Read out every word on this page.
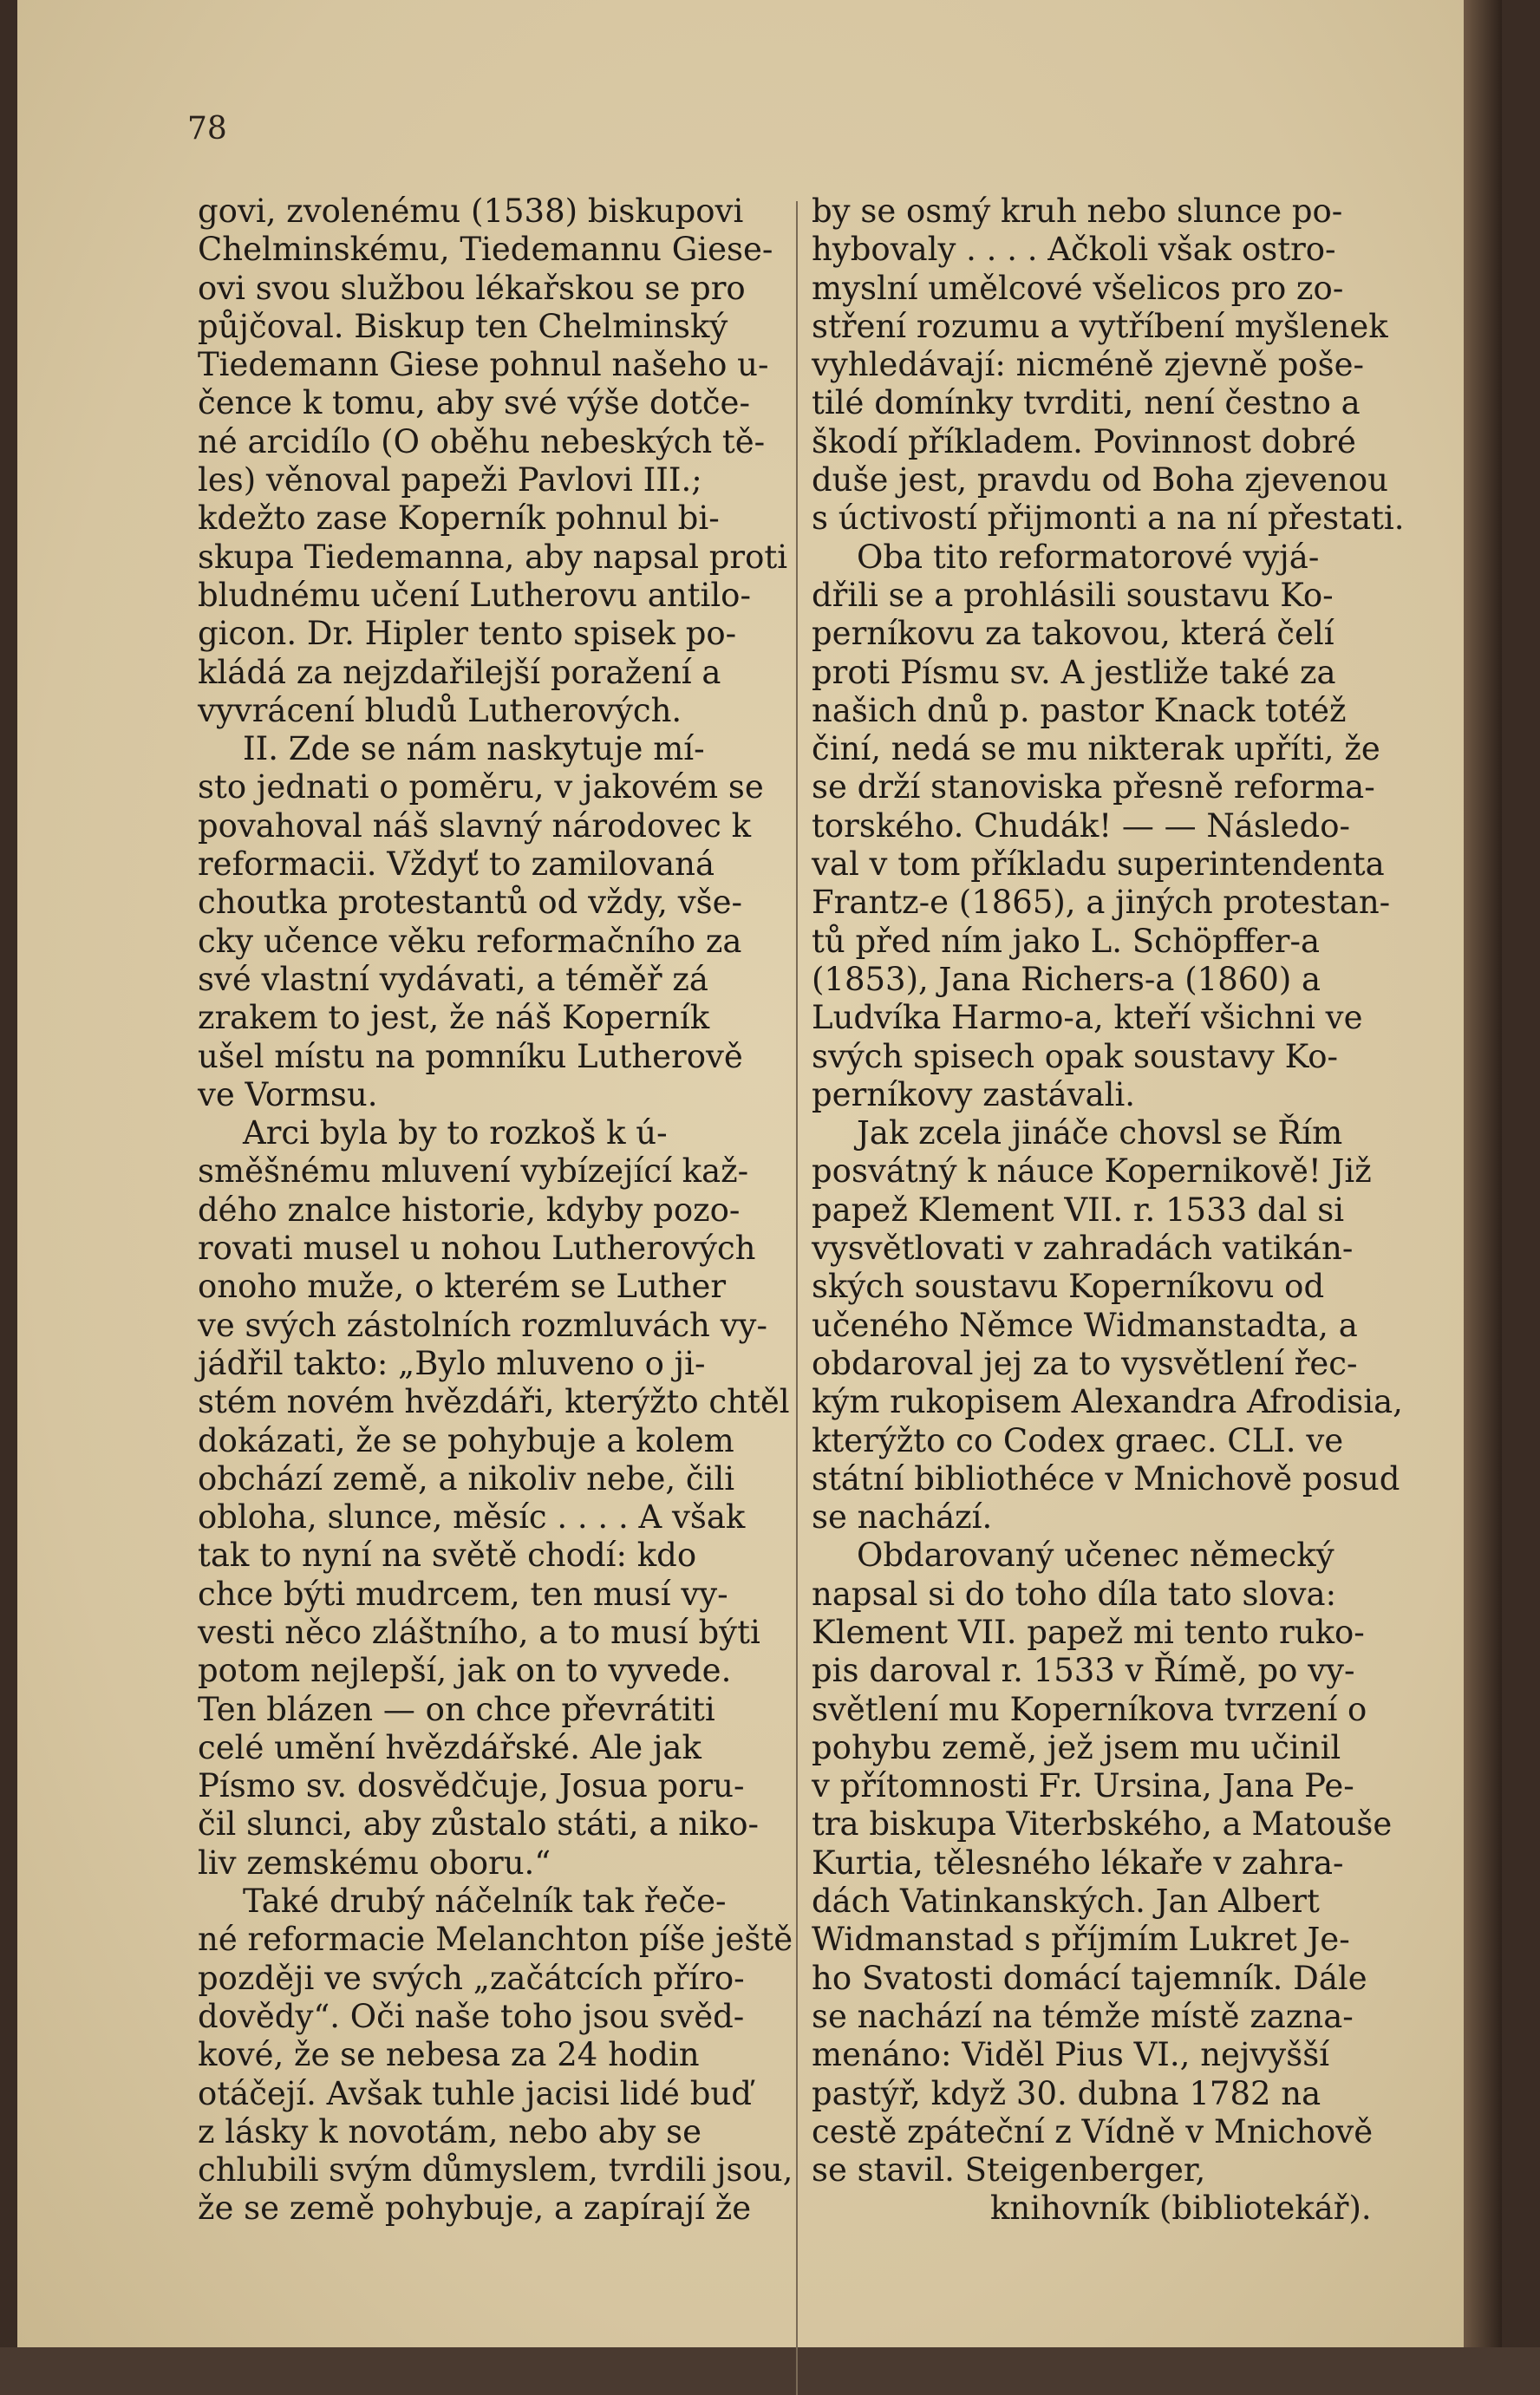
78

govi, zvolenému (1538) biskupovi

Chelminskému, Tiedemannu Giese-

ovi svou službou lékařskou se pro

půjčoval. Biskup ten Chelminský

Tiedemann Giese pohnul našeho u-

čence k tomu, aby své výše dotče-

né arcidílo (O oběhu nebeských tě-

les) věnoval papeži Pavlovi III.;

kdežto zase Koperník pohnul bi-

skupa Tiedemanna, aby napsal proti

bludnému učení Lutherovu antilo-

gicon. Dr. Hipler tento spisek po-

kládá za nejzdařilejší poražení a

vyvrácení bludů Lutherových.

II. Zde se nám naskytuje mí-

sto jednati o poměru, v jakovém se

povahoval náš slavný národovec k

reformacii. Vždyť to zamilovaná

choutka protestantů od vždy, vše-

cky učence věku reformačního za

své vlastní vydávati, a téměř zá

zrakem to jest, že náš Koperník

ušel místu na pomníku Lutherově

ve Vormsu.

Arci byla by to rozkoš k ú-

směšnému mluvení vybízející kaž-

dého znalce historie, kdyby pozo-

rovati musel u nohou Lutherových

onoho muže, o kterém se Luther

ve svých zástolních rozmluvách vy-

jádřil takto: „Bylo mluveno o ji-

stém novém hvězdáři, kterýžto chtěl

dokázati, že se pohybuje a kolem

obchází země, a nikoliv nebe, čili

obloha, slunce, měsíc . . . . A však

tak to nyní na světě chodí: kdo

chce býti mudrcem, ten musí vy-

vesti něco zláštního, a to musí býti

potom nejlepší, jak on to vyvede.

Ten blázen — on chce převrátiti

celé umění hvězdářské. Ale jak

Písmo sv. dosvědčuje, Josua poru-

čil slunci, aby zůstalo státi, a niko-

liv zemskému oboru.“

Také drubý náčelník tak řeče-

né reformacie Melanchton píše ještě

později ve svých „začátcích přírо-

dovědy“. Oči naše toho jsou svěd-

kové, že se nebesa za 24 hodin

otáčejí. Avšak tuhle jacisi lidé buď

z lásky k novotám, nebo aby se

chlubili svým důmyslem, tvrdili jsou,

že se země pohybuje, a zapírají že

by se osmý kruh nebo slunce po-

hybovaly . . . . Ačkoli však ostro-

myslní umělcové všelicos pro zo-

stření rozumu a vytříbení myšlenek

vyhledávají: nicméně zjevně pošе-

tilé domínky tvrditi, není čestno a

škodí příkladem. Povinnost dobré

duše jest, pravdu od Boha zjevenou

s úctivostí přijmonti a na ní přestati.

Oba tito reformatorové vyjá-

dřili se a prohlásili soustavu Ko-

perníkovu za takovou, která čelí

proti Písmu sv. A jestliže také za

našich dnů p. pastor Knack totéž

činí, nedá se mu nikterak upříti, že

se drží stanoviska přesně reforma-

torského. Chudák! — — Následo-

val v tom příkladu superintendenta

Frantz-e (1865), a jiných protestan-

tů před ním jako L. Schöpffer-a

(1853), Jana Richers-a (1860) a

Ludvíka Harmo-a, kteří všichni ve

svých spisech opak soustavy Ko-

perníkovy zastávali.

Jak zcela jináče chovsl se Řím

posvátný k náuce Kopernikově! Již

papež Klement VII. r. 1533 dal si

vysvětlovati v zahradách vatikán-

ských soustavu Koperníkovu od

učeného Němce Widmanstadta, a

obdaroval jej za to vysvětlení řec-

kým rukopisem Alexandra Afrodisia,

kterýžto co Codex graec. CLI. ve

státní bibliothéce v Mnichově posud

se nachází.

Obdarovaný učenec německý

napsal si do toho díla tato slova:

Klement VII. papež mi tento ruko-

pis daroval r. 1533 v Římě, po vy-

světlení mu Koperníkova tvrzení o

pohybu země, jež jsem mu učinil

v přítomnosti Fr. Ursina, Jana Pe-

tra biskupa Viterbského, a Matouše

Kurtia, tělesného lékaře v zahra-

dách Vatinkanských. Jan Albert

Widmanstad s příjmím Lukret Je-

ho Svatosti domácí tajemník. Dále

se nachází na témže místě zazna-

menáno: Viděl Pius VI., nejvyšší

pastýř, když 30. dubna 1782 na

cestě zpáteční z Vídně v Mnichově

se stavil. Steigenberger,

knihovník (bibliotekář).
